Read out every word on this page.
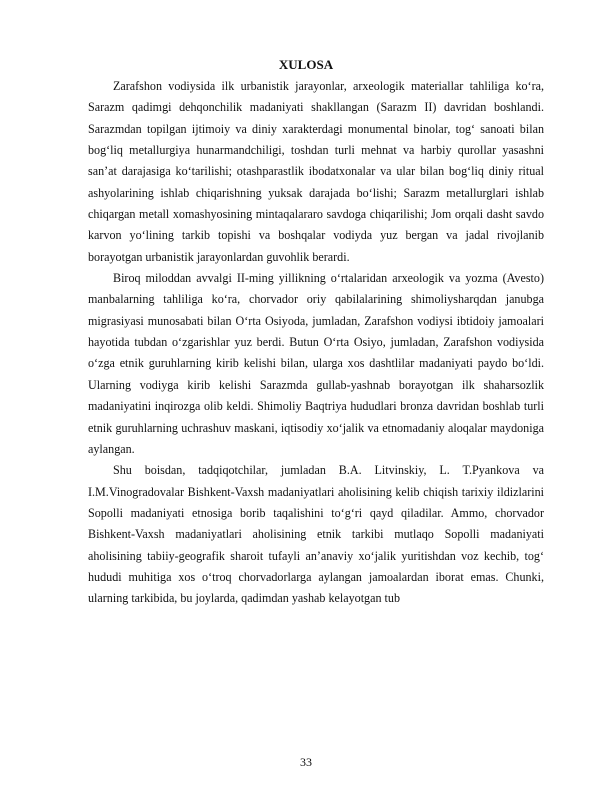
XULOSA

Zarafshon vodiysida ilk urbanistik jarayonlar, arxeologik materiallar tahliliga ko‘ra, Sarazm qadimgi dehqonchilik madaniyati shakllangan (Sarazm II) davridan boshlandi. Sarazmdan topilgan ijtimoiy va diniy xarakterdagi monumental binolar, tog‘ sanoati bilan bog‘liq metallurgiya hunarmandchiligi, toshdan turli mehnat va harbiy qurollar yasashni san’at darajasiga ko‘tarilishi; otashparastlik ibodatxonalar va ular bilan bog‘liq diniy ritual ashyolarining ishlab chiqarishning yuksak darajada bo‘lishi; Sarazm metallurglari ishlab chiqargan metall xomashyosining mintaqalararo savdoga chiqarilishi; Jom orqali dasht savdo karvon yo‘lining tarkib topishi va boshqalar vodiyda yuz bergan va jadal rivojlanib borayotgan urbanistik jarayonlardan guvohlik berardi.

Biroq miloddan avvalgi II-ming yillikning o‘rtalaridan arxeologik va yozma (Avesto) manbalarning tahliliga ko‘ra, chorvador oriy qabilalarining shimoliysharqdan janubga migrasiyasi munosabati bilan O‘rta Osiyoda, jumladan, Zarafshon vodiysi ibtidoiy jamoalari hayotida tubdan o‘zgarishlar yuz berdi. Butun O‘rta Osiyo, jumladan, Zarafshon vodiysida o‘zga etnik guruhlarning kirib kelishi bilan, ularga xos dashtlilar madaniyati paydo bo‘ldi. Ularning vodiyga kirib kelishi Sarazmda gullab-yashnab borayotgan ilk shaharsozlik madaniyatini inqirozga olib keldi. Shimoliy Baqtriya hududlari bronza davridan boshlab turli etnik guruhlarning uchrashuv maskani, iqtisodiy xo‘jalik va etnomadaniy aloqalar maydoniga aylangan.

Shu boisdan, tadqiqotchilar, jumladan B.A. Litvinskiy, L. T.Pyankova va I.M.Vinogradovalar Bishkent-Vaxsh madaniyatlari aholisining kelib chiqish tarixiy ildizlarini Sopolli madaniyati etnosiga borib taqalishini to‘g‘ri qayd qiladilar. Ammo, chorvador Bishkent-Vaxsh madaniyatlari aholisining etnik tarkibi mutlaqo Sopolli madaniyati aholisining tabiiy-geografik sharoit tufayli an’anaviy xo‘jalik yuritishdan voz kechib, tog‘ hududi muhitiga xos o‘troq chorvadorlarga aylangan jamoalardan iborat emas. Chunki, ularning tarkibida, bu joylarda, qadimdan yashab kelayotgan tub

33
